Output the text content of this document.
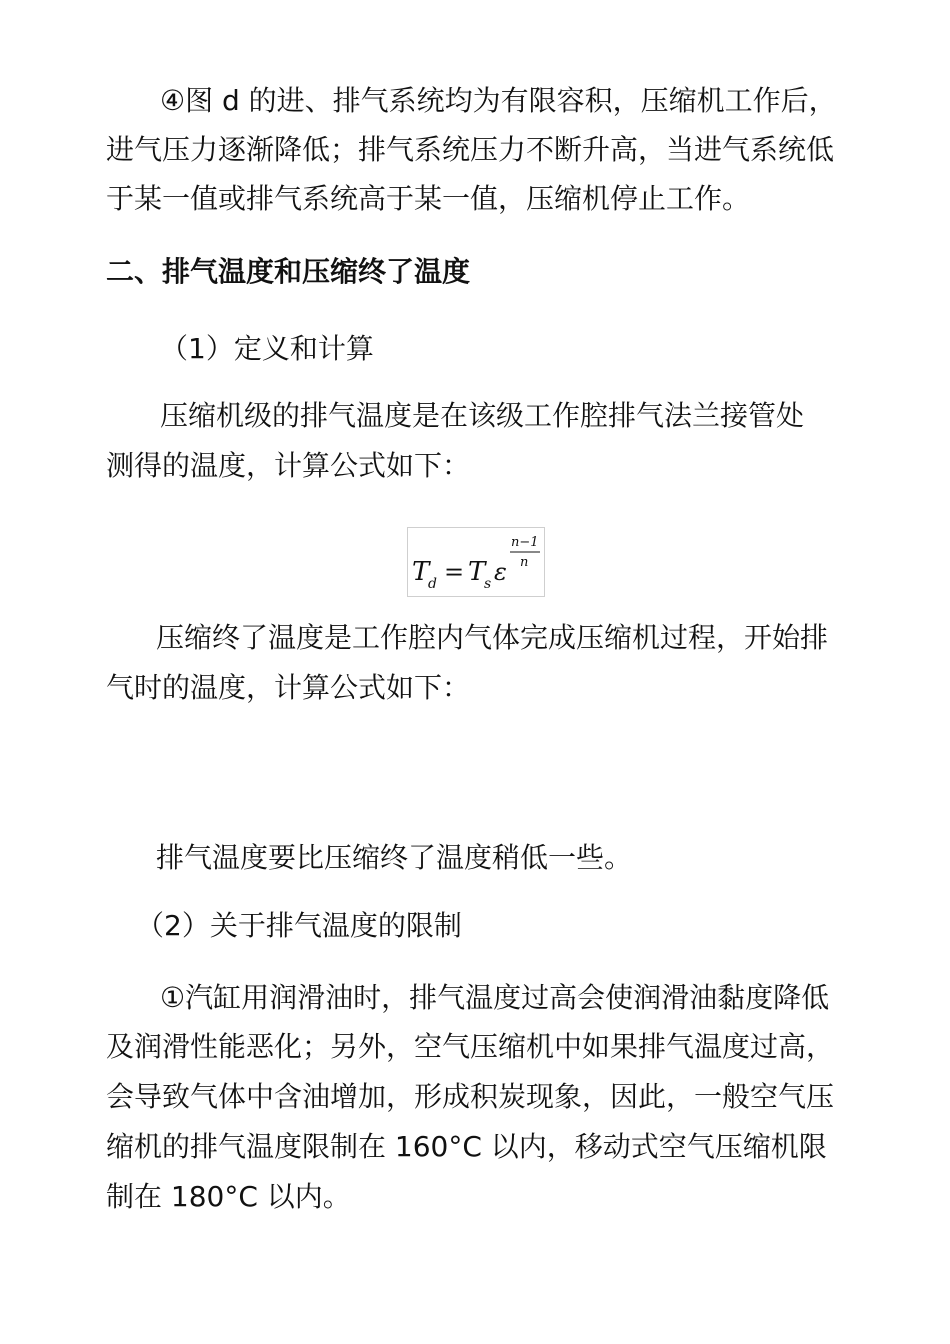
④图 d 的进、排气系统均为有限容积，压缩机工作后，

进气压力逐渐降低；排气系统压力不断升高，当进气系统低

于某一值或排气系统高于某一值，压缩机停止工作。

二、排气温度和压缩终了温度

（1）定义和计算

压缩机级的排气温度是在该级工作腔排气法兰接管处

测得的温度，计算公式如下：

T
d = T
s ε
n−1
n

压缩终了温度是工作腔内气体完成压缩机过程，开始排

气时的温度，计算公式如下：

排气温度要比压缩终了温度稍低一些。

（2）关于排气温度的限制

①汽缸用润滑油时，排气温度过高会使润滑油黏度降低

及润滑性能恶化；另外，空气压缩机中如果排气温度过高，

会导致气体中含油增加，形成积炭现象，因此，一般空气压

缩机的排气温度限制在 160°C 以内，移动式空气压缩机限

制在 180°C 以内。
